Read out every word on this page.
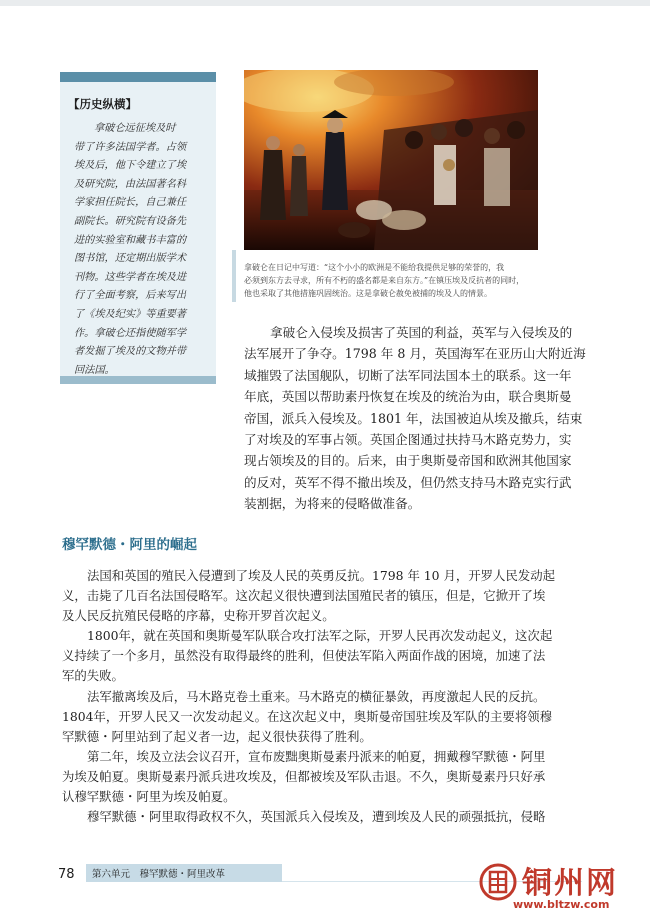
【历史纵横】
拿破仑远征埃及时
带了许多法国学者。占领
埃及后，他下令建立了埃
及研究院，由法国著名科
学家担任院长，自己兼任
副院长。研究院有设备先
进的实验室和藏书丰富的
图书馆，还定期出版学术
刊物。这些学者在埃及进
行了全面考察，后来写出
了《埃及纪实》等重要著
作。拿破仑还指使随军学
者发掘了埃及的文物并带
回法国。
拿破仑在日记中写道：“这个小小的欧洲是不能给我提供足够的荣誉的，我
必须到东方去寻求，所有不朽的盛名都是来自东方。”在镇压埃及反抗者的同时，
他也采取了其他措施巩固统治。这是拿破仑赦免被捕的埃及人的情景。
拿破仑入侵埃及损害了英国的利益，英军与入侵埃及的
法军展开了争夺。1798 年 8 月，英国海军在亚历山大附近海
域摧毁了法国舰队，切断了法军同法国本土的联系。这一年
年底，英国以帮助素丹恢复在埃及的统治为由，联合奥斯曼
帝国，派兵入侵埃及。1801 年，法国被迫从埃及撤兵，结束
了对埃及的军事占领。英国企图通过扶持马木路克势力，实
现占领埃及的目的。后来，由于奥斯曼帝国和欧洲其他国家
的反对，英军不得不撤出埃及，但仍然支持马木路克实行武
装割据，为将来的侵略做准备。
穆罕默德・阿里的崛起
法国和英国的殖民入侵遭到了埃及人民的英勇反抗。1798 年 10 月，开罗人民发动起
义，击毙了几百名法国侵略军。这次起义很快遭到法国殖民者的镇压，但是，它掀开了埃
及人民反抗殖民侵略的序幕，史称开罗首次起义。
1800年，就在英国和奥斯曼军队联合攻打法军之际，开罗人民再次发动起义，这次起
义持续了一个多月，虽然没有取得最终的胜利，但使法军陷入两面作战的困境，加速了法
军的失败。
法军撤离埃及后，马木路克卷土重来。马木路克的横征暴敛，再度激起人民的反抗。
1804年，开罗人民又一次发动起义。在这次起义中，奥斯曼帝国驻埃及军队的主要将领穆
罕默德・阿里站到了起义者一边，起义很快获得了胜利。
第二年，埃及立法会议召开，宣布废黜奥斯曼素丹派来的帕夏，拥戴穆罕默德・阿里
为埃及帕夏。奥斯曼素丹派兵进攻埃及，但都被埃及军队击退。不久，奥斯曼素丹只好承
认穆罕默德・阿里为埃及帕夏。
穆罕默德・阿里取得政权不久，英国派兵入侵埃及，遭到埃及人民的顽强抵抗，侵略
78 第六单元　穆罕默德・阿里改革	铜州网
www.bltzw.com
